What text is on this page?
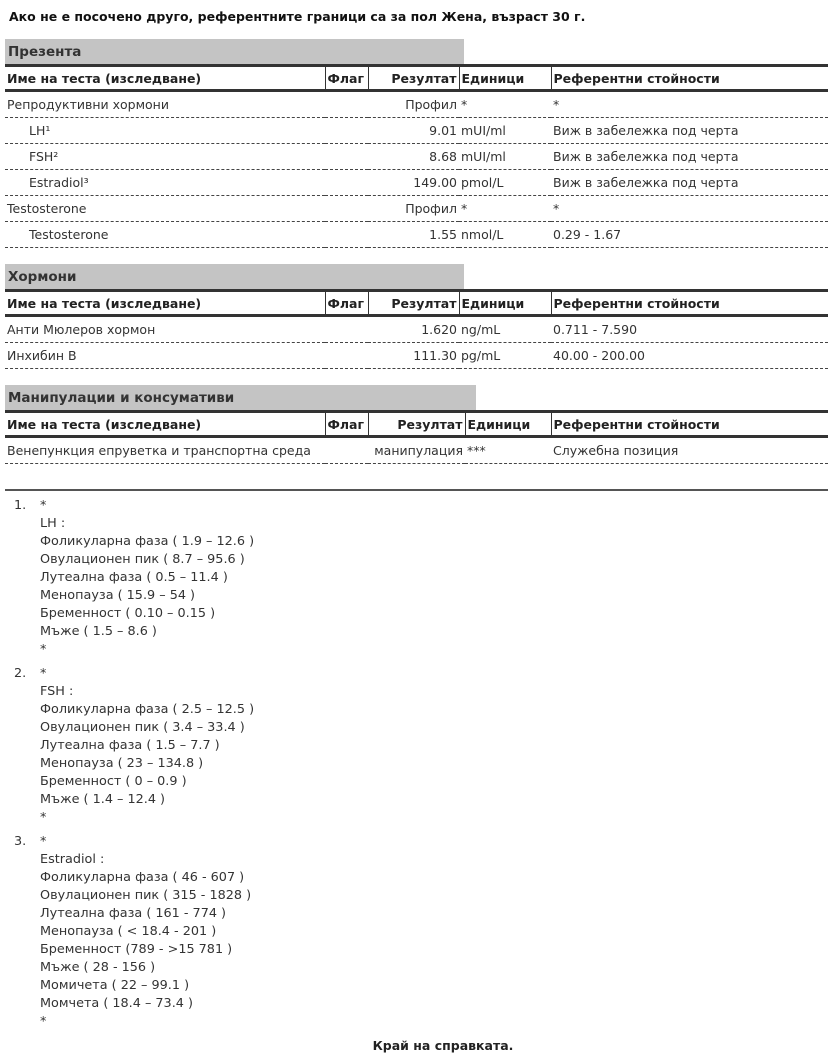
Ако не е посочено друго, референтните граници са за пол Жена, възраст 30 г.
Презента
Име на теста (изследване)	Флаг	Резултат	Единици	Референтни стойности
Репродуктивни хормони		Профил	*	*
LH¹		9.01	mUI/ml	Виж в забележка под черта
FSH²		8.68	mUI/ml	Виж в забележка под черта
Estradiol³		149.00	pmol/L	Виж в забележка под черта
Testosterone		Профил	*	*
Testosterone		1.55	nmol/L	0.29 - 1.67
Хормони
Име на теста (изследване)	Флаг	Резултат	Единици	Референтни стойности
Анти Мюлеров хормон		1.620	ng/mL	0.711 - 7.590
Инхибин B		111.30	pg/mL	40.00 - 200.00
Манипулации и консумативи
Име на теста (изследване)	Флаг	Резултат	Единици	Референтни стойности
Венепункция епруветка и транспортна среда		манипулация	***	Служебна позиция
1.	*
LH :
Фоликуларна фаза ( 1.9 – 12.6 )
Овулационен пик ( 8.7 – 95.6 )
Лутеална фаза ( 0.5 – 11.4 )
Менопауза ( 15.9 – 54 )
Бременност ( 0.10 – 0.15 )
Мъже ( 1.5 – 8.6 )
*
2.	*
FSH :
Фоликуларна фаза ( 2.5 – 12.5 )
Овулационен пик ( 3.4 – 33.4 )
Лутеална фаза ( 1.5 – 7.7 )
Менопауза ( 23 – 134.8 )
Бременност ( 0 – 0.9 )
Мъже ( 1.4 – 12.4 )
*
3.	*
Estradiol :
Фоликуларна фаза ( 46 - 607 )
Овулационен пик ( 315 - 1828 )
Лутеална фаза ( 161 - 774 )
Менопауза ( < 18.4 - 201 )
Бременност (789 - >15 781 )
Мъже ( 28 - 156 )
Момичета ( 22 – 99.1 )
Момчета ( 18.4 – 73.4 )
*
Край на справката.
